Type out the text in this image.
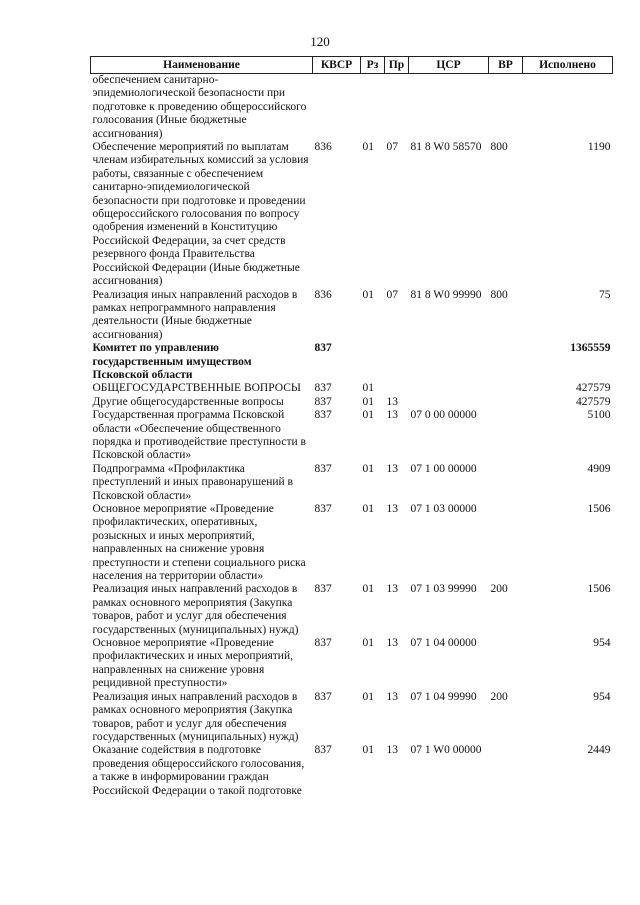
120
Наименование	КВСР	Рз	Пр	ЦСР	ВР	Исполнено
обеспечением санитарно-эпидемиологической безопасности при подготовке к проведению общероссийского голосования (Иные бюджетные ассигнования)						
Обеспечение мероприятий по выплатам членам избирательных комиссий за условия работы, связанные с обеспечением санитарно-эпидемиологической безопасности при подготовке и проведении общероссийского голосования по вопросу одобрения изменений в Конституцию Российской Федерации, за счет средств резервного фонда Правительства Российской Федерации (Иные бюджетные ассигнования)	836	01	07	81 8 W0 58570	800	1190
Реализация иных направлений расходов в рамках непрограммного направления деятельности (Иные бюджетные ассигнования)	836	01	07	81 8 W0 99990	800	75
Комитет по управлению государственным имуществом Псковской области	837					1365559
ОБЩЕГОСУДАРСТВЕННЫЕ ВОПРОСЫ	837	01				427579
Другие общегосударственные вопросы	837	01	13			427579
Государственная программа Псковской области «Обеспечение общественного порядка и противодействие преступности в Псковской области»	837	01	13	07 0 00 00000		5100
Подпрограмма «Профилактика преступлений и иных правонарушений в Псковской области»	837	01	13	07 1 00 00000		4909
Основное мероприятие «Проведение профилактических, оперативных, розыскных и иных мероприятий, направленных на снижение уровня преступности и степени социального риска населения на территории области»	837	01	13	07 1 03 00000		1506
Реализация иных направлений расходов в рамках основного мероприятия (Закупка товаров, работ и услуг для обеспечения государственных (муниципальных) нужд)	837	01	13	07 1 03 99990	200	1506
Основное мероприятие «Проведение профилактических и иных мероприятий, направленных на снижение уровня рецидивной преступности»	837	01	13	07 1 04 00000		954
Реализация иных направлений расходов в рамках основного мероприятия (Закупка товаров, работ и услуг для обеспечения государственных (муниципальных) нужд)	837	01	13	07 1 04 99990	200	954
Оказание содействия в подготовке проведения общероссийского голосования, а также в информировании граждан Российской Федерации о такой подготовке	837	01	13	07 1 W0 00000		2449
